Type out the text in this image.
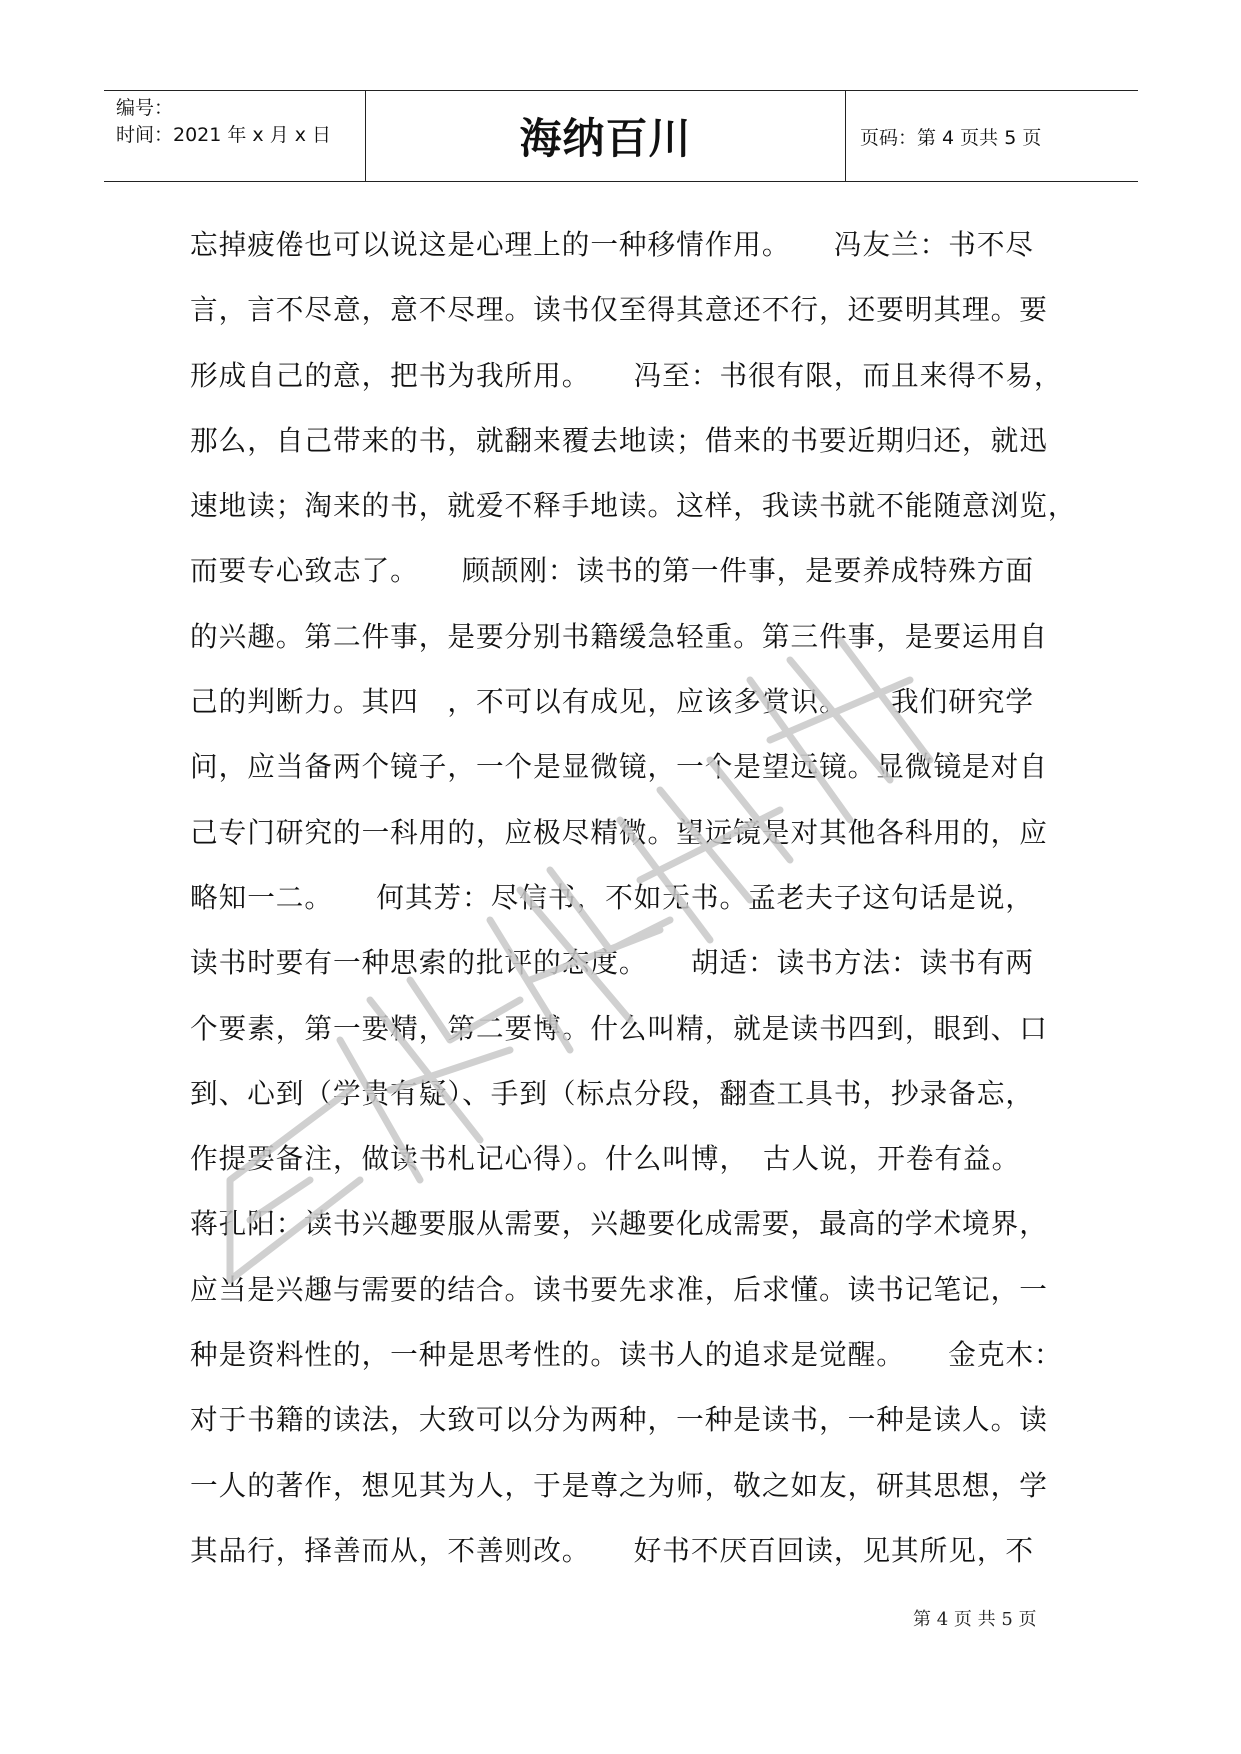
编号：
时间：2021 年 x 月 x 日	海纳百川	页码：第 4 页共 5 页
忘掉疲倦也可以说这是心理上的一种移情作用。　　冯友兰：书不尽
言，言不尽意，意不尽理。读书仅至得其意还不行，还要明其理。要
形成自己的意，把书为我所用。　　冯至：书很有限，而且来得不易，
那么，自己带来的书，就翻来覆去地读；借来的书要近期归还，就迅
速地读；淘来的书，就爱不释手地读。这样，我读书就不能随意浏览，
而要专心致志了。　　顾颉刚：读书的第一件事，是要养成特殊方面
的兴趣。第二件事，是要分别书籍缓急轻重。第三件事，是要运用自
己的判断力。其四　，不可以有成见，应该多赏识。　　我们研究学
问，应当备两个镜子，一个是显微镜，一个是望远镜。显微镜是对自
己专门研究的一科用的，应极尽精微。望远镜是对其他各科用的，应
略知一二。　　何其芳：尽信书，不如无书。孟老夫子这句话是说，
读书时要有一种思索的批评的态度。　　胡适：读书方法：读书有两
个要素，第一要精，第二要博。什么叫精，就是读书四到，眼到、口
到、心到（学贵有疑）、手到（标点分段，翻查工具书，抄录备忘，
作提要备注，做读书札记心得）。什么叫博，　古人说，开卷有益。
蒋孔阳：读书兴趣要服从需要，兴趣要化成需要，最高的学术境界，
应当是兴趣与需要的结合。读书要先求准，后求懂。读书记笔记，一
种是资料性的，一种是思考性的。读书人的追求是觉醒。　　金克木：
对于书籍的读法，大致可以分为两种，一种是读书，一种是读人。读
一人的著作，想见其为人，于是尊之为师，敬之如友，研其思想，学
其品行，择善而从，不善则改。　　好书不厌百回读，见其所见，不
第 4 页 共 5 页
